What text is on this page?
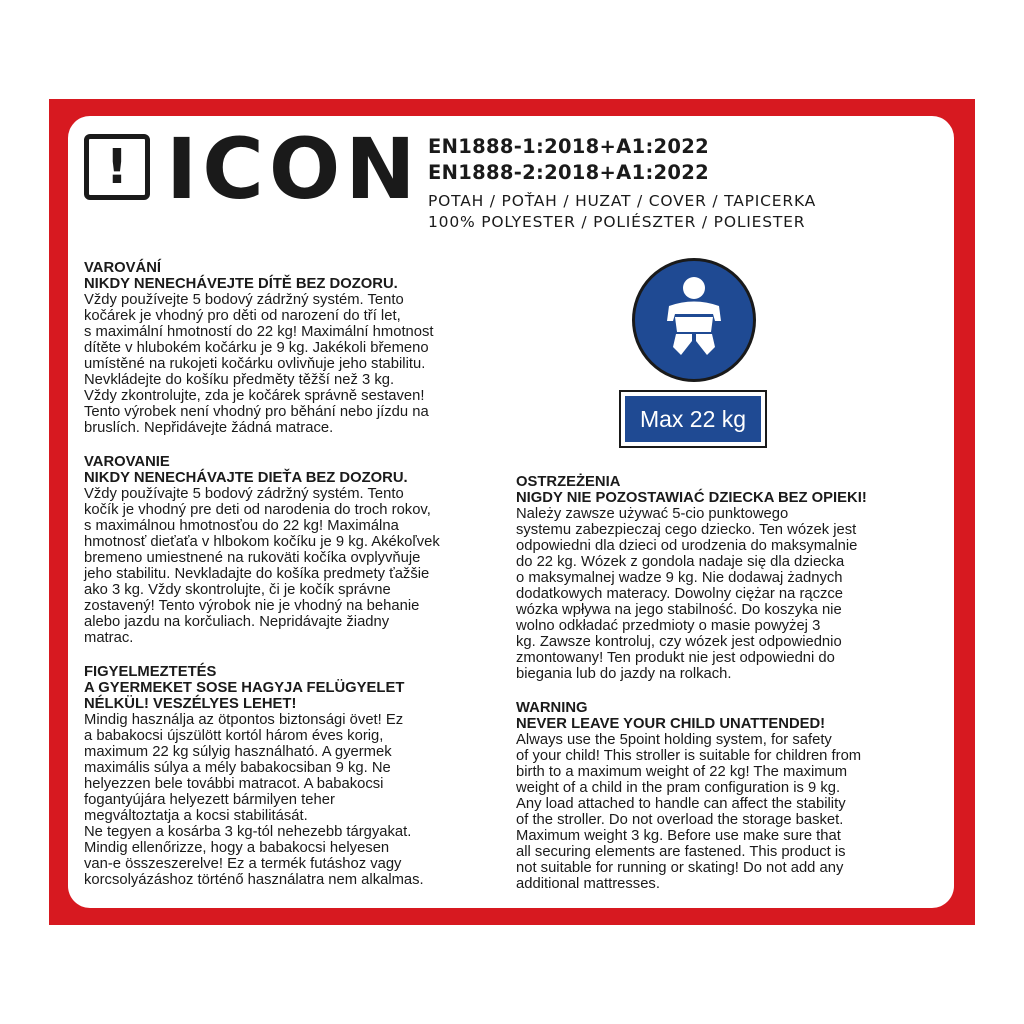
! ICON EN1888-1:2018+A1:2022
EN1888-2:2018+A1:2022
POTAH / POŤAH / HUZAT / COVER / TAPICERKA
100% POLYESTER / POLIÉSZTER / POLIESTER

VAROVÁNÍ

NIKDY NENECHÁVEJTE DÍTĚ BEZ DOZORU.

Vždy používejte 5 bodový zádržný systém. Tento
kočárek je vhodný pro děti od narození do tří let,
s maximální hmotností do 22 kg! Maximální hmotnost
dítěte v hlubokém kočárku je 9 kg. Jakékoli břemeno
umístěné na rukojeti kočárku ovlivňuje jeho stabilitu.
Nevkládejte do košíku předměty těžší než 3 kg.
Vždy zkontrolujte, zda je kočárek správně sestaven!
Tento výrobek není vhodný pro běhání nebo jízdu na
bruslích. Nepřidávejte žádná matrace.

VAROVANIE

NIKDY NENECHÁVAJTE DIEŤA BEZ DOZORU.

Vždy používajte 5 bodový zádržný systém. Tento
kočík je vhodný pre deti od narodenia do troch rokov,
s maximálnou hmotnosťou do 22 kg! Maximálna
hmotnosť dieťaťa v hlbokom kočíku je 9 kg. Akékoľvek
bremeno umiestnené na rukoväti kočíka ovplyvňuje
jeho stabilitu. Nevkladajte do košíka predmety ťažšie
ako 3 kg. Vždy skontrolujte, či je kočík správne
zostavený! Tento výrobok nie je vhodný na behanie
alebo jazdu na korčuliach. Nepridávajte žiadny
matrac.

FIGYELMEZTETÉS

A GYERMEKET SOSE HAGYJA FELÜGYELET
NÉLKÜL! VESZÉLYES LEHET!

Mindig használja az ötpontos biztonsági övet! Ez
a babakocsi újszülött kortól három éves korig,
maximum 22 kg súlyig használható. A gyermek
maximális súlya a mély babakocsiban 9 kg. Ne
helyezzen bele további matracot. A babakocsi
fogantyújára helyezett bármilyen teher
megváltoztatja a kocsi stabilitását.
Ne tegyen a kosárba 3 kg-tól nehezebb tárgyakat.
Mindig ellenőrizze, hogy a babakocsi helyesen
van-e összeszerelve! Ez a termék futáshoz vagy
korcsolyázáshoz történő használatra nem alkalmas.

OSTRZEŻENIA

NIGDY NIE POZOSTAWIAĆ DZIECKA BEZ OPIEKI!

Należy zawsze używać 5-cio punktowego
systemu zabezpieczaj cego dziecko. Ten wózek jest
odpowiedni dla dzieci od urodzenia do maksymalnie
do 22 kg. Wózek z gondola nadaje się dla dziecka
o maksymalnej wadze 9 kg. Nie dodawaj żadnych
dodatkowych materacy. Dowolny ciężar na rączce
wózka wpływa na jego stabilność. Do koszyka nie
wolno odkładać przedmioty o masie powyżej 3
kg. Zawsze kontroluj, czy wózek jest odpowiednio
zmontowany! Ten produkt nie jest odpowiedni do
biegania lub do jazdy na rolkach.

WARNING

NEVER LEAVE YOUR CHILD UNATTENDED!

Always use the 5point holding system, for safety
of your child! This stroller is suitable for children from
birth to a maximum weight of 22 kg! The maximum
weight of a child in the pram configuration is 9 kg.
Any load attached to handle can affect the stability
of the stroller. Do not overload the storage basket.
Maximum weight 3 kg. Before use make sure that
all securing elements are fastened. This product is
not suitable for running or skating! Do not add any
additional mattresses.

Max 22 kg
